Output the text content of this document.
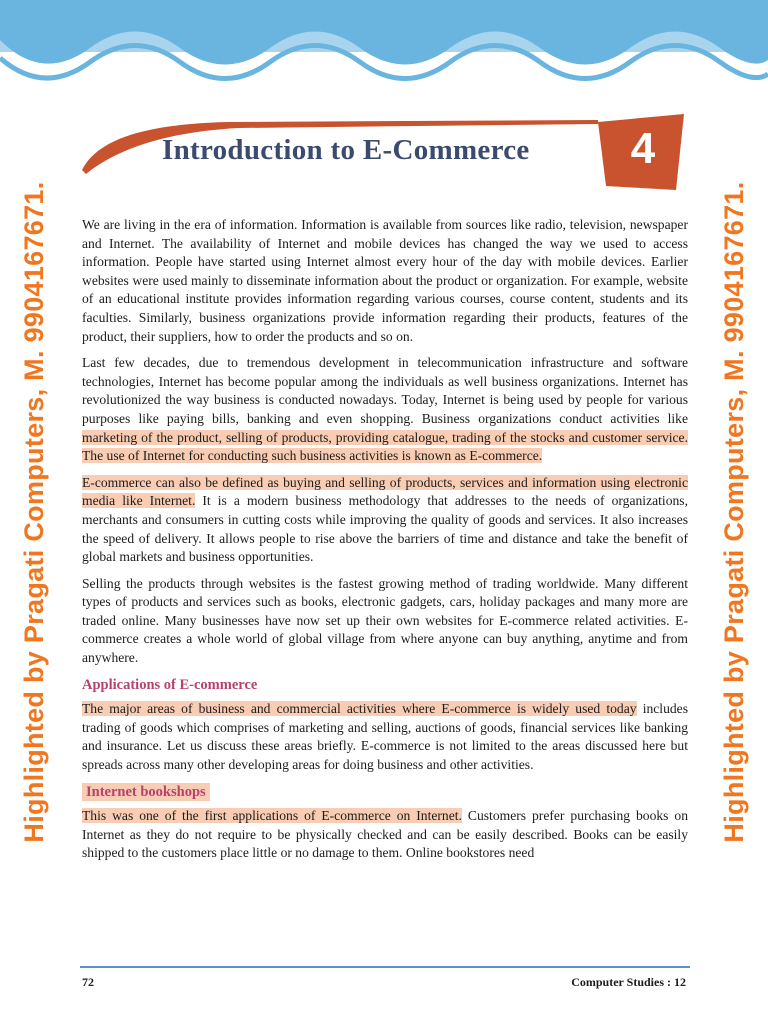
Highlighted by Pragati Computers, M. 9904167671.	Highlighted by Pragati Computers, M. 9904167671.
Introduction to E-Commerce 4

We are living in the era of information. Information is available from sources like radio, television, newspaper and Internet. The availability of Internet and mobile devices has changed the way we used to access information. People have started using Internet almost every hour of the day with mobile devices. Earlier websites were used mainly to disseminate information about the product or organization. For example, website of an educational institute provides information regarding various courses, course content, students and its faculties. Similarly, business organizations provide information regarding their products, features of the product, their suppliers, how to order the products and so on.

Last few decades, due to tremendous development in telecommunication infrastructure and software technologies, Internet has become popular among the individuals as well business organizations. Internet has revolutionized the way business is conducted nowadays. Today, Internet is being used by people for various purposes like paying bills, banking and even shopping. Business organizations conduct activities like marketing of the product, selling of products, providing catalogue, trading of the stocks and customer service. The use of Internet for conducting such business activities is known as E-commerce.

E-commerce can also be defined as buying and selling of products, services and information using electronic media like Internet. It is a modern business methodology that addresses to the needs of organizations, merchants and consumers in cutting costs while improving the quality of goods and services. It also increases the speed of delivery. It allows people to rise above the barriers of time and distance and take the benefit of global markets and business opportunities.

Selling the products through websites is the fastest growing method of trading worldwide. Many different types of products and services such as books, electronic gadgets, cars, holiday packages and many more are traded online. Many businesses have now set up their own websites for E-commerce related activities. E-commerce creates a whole world of global village from where anyone can buy anything, anytime and from anywhere.

Applications of E-commerce

The major areas of business and commercial activities where E-commerce is widely used today includes trading of goods which comprises of marketing and selling, auctions of goods, financial services like banking and insurance. Let us discuss these areas briefly. E-commerce is not limited to the areas discussed here but spreads across many other developing areas for doing business and other activities.

Internet bookshops

This was one of the first applications of E-commerce on Internet. Customers prefer purchasing books on Internet as they do not require to be physically checked and can be easily described. Books can be easily shipped to the customers place little or no damage to them. Online bookstores need

72	Computer Studies : 12
